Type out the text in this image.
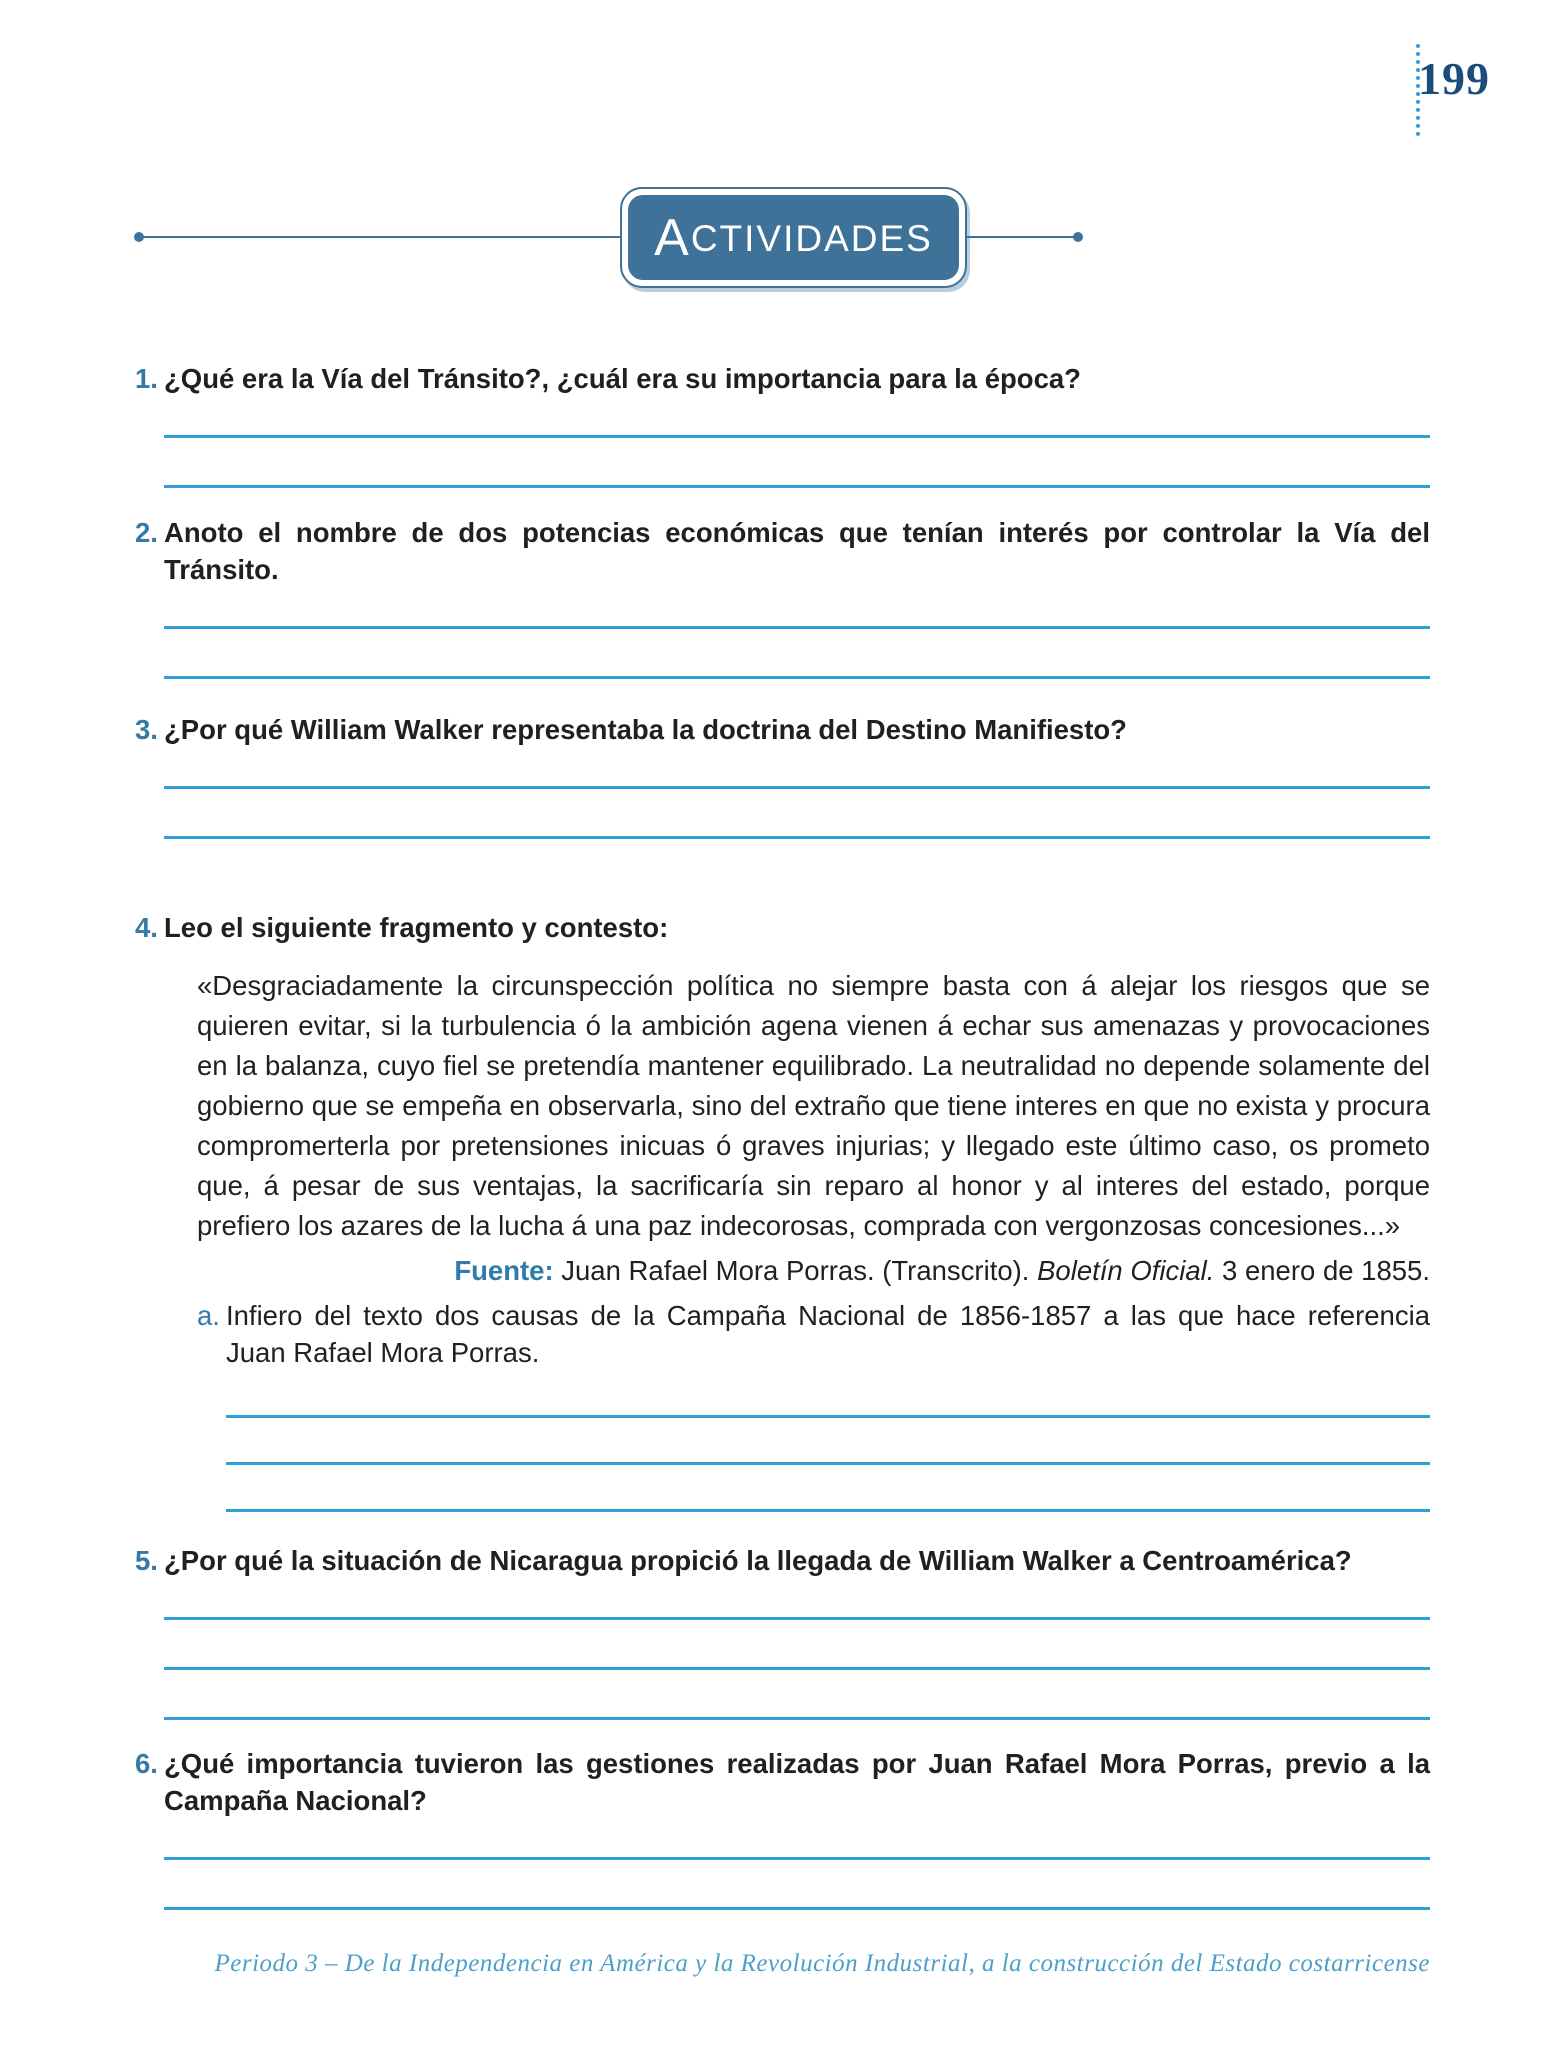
199
ACTIVIDADES
1. ¿Qué era la Vía del Tránsito?, ¿cuál era su importancia para la época?
2. Anoto el nombre de dos potencias económicas que tenían interés por controlar la Vía del Tránsito.
3. ¿Por qué William Walker representaba la doctrina del Destino Manifiesto?
4. Leo el siguiente fragmento y contesto:
«Desgraciadamente la circunspección política no siempre basta con á alejar los riesgos que se quieren evitar, si la turbulencia ó la ambición agena vienen á echar sus amenazas y provocaciones en la balanza, cuyo fiel se pretendía mantener equilibrado. La neutralidad no depende solamente del gobierno que se empeña en observarla, sino del extraño que tiene interes en que no exista y procura compromerterla por pretensiones inicuas ó graves injurias; y llegado este último caso, os prometo que, á pesar de sus ventajas, la sacrificaría sin reparo al honor y al interes del estado, porque prefiero los azares de la lucha á una paz indecorosas, comprada con vergonzosas concesiones...»
Fuente: Juan Rafael Mora Porras. (Transcrito). Boletín Oficial. 3 enero de 1855.
a. Infiero del texto dos causas de la Campaña Nacional de 1856-1857 a las que hace referencia Juan Rafael Mora Porras.
5. ¿Por qué la situación de Nicaragua propició la llegada de William Walker a Centroamérica?
6. ¿Qué importancia tuvieron las gestiones realizadas por Juan Rafael Mora Porras, previo a la Campaña Nacional?
Periodo 3 – De la Independencia en América y la Revolución Industrial, a la construcción del Estado costarricense
